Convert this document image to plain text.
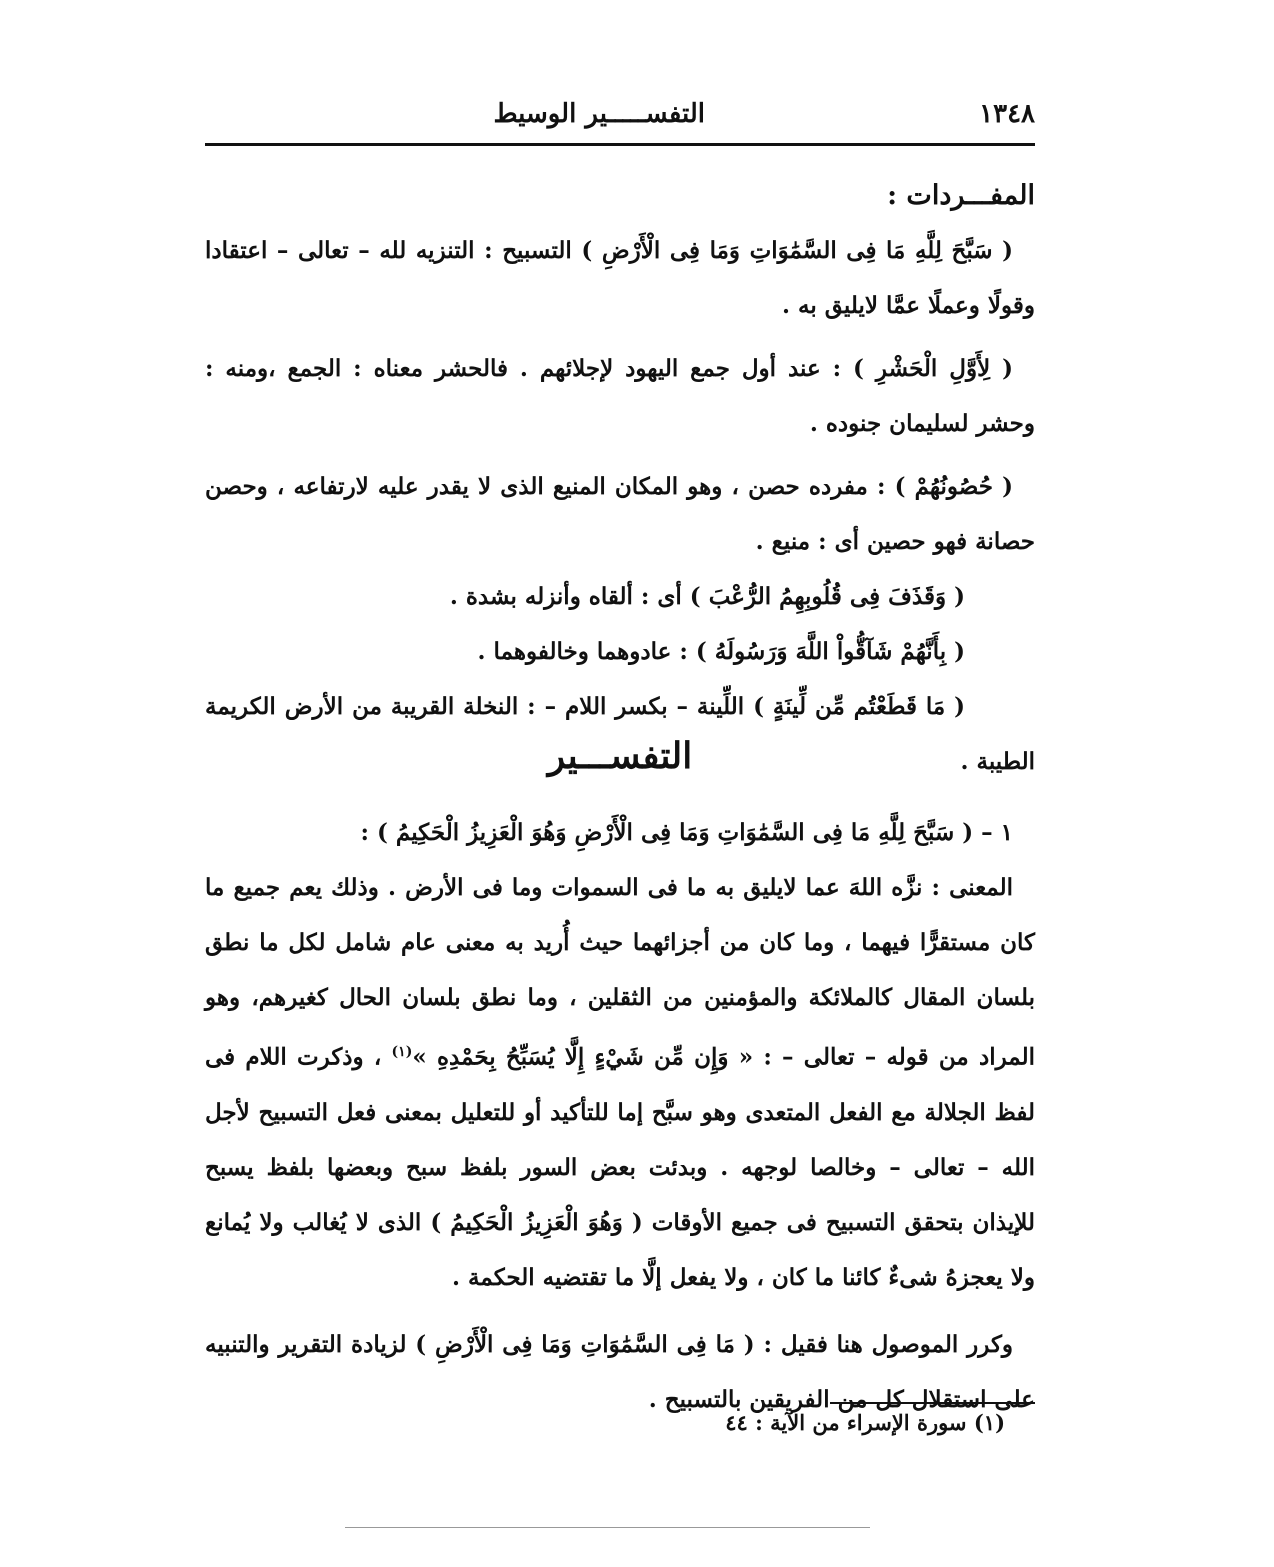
١٣٤٨
التفســـــير الوسيط

المفـــردات :

( سَبَّحَ لِلَّهِ مَا فِى السَّمَٰوَاتِ وَمَا فِى الْأَرْضِ ) التسبيح : التنزيه لله – تعالى – اعتقادا وقولًا وعملًا عمَّا لايليق به .

( لِأَوَّلِ الْحَشْرِ ) : عند أول جمع اليهود لإجلائهم . فالحشر معناه : الجمع ،ومنه : وحشر لسليمان جنوده .

( حُصُونُهُمْ ) : مفرده حصن ، وهو المكان المنيع الذى لا يقدر عليه لارتفاعه ، وحصن حصانة فهو حصين أى : منيع .

( وَقَذَفَ فِى قُلُوبِهِمُ الرُّعْبَ ) أى : ألقاه وأنزله بشدة .

( بِأَنَّهُمْ شَآقُّواْ اللَّهَ وَرَسُولَهُ ) : عادوهما وخالفوهما .

( مَا قَطَعْتُم مِّن لِّينَةٍ ) اللِّينة – بكسر اللام – : النخلة القريبة من الأرض الكريمة الطيبة .

التفســـير

١ – ( سَبَّحَ لِلَّهِ مَا فِى السَّمَٰوَاتِ وَمَا فِى الْأَرْضِ وَهُوَ الْعَزِيزُ الْحَكِيمُ ) :

المعنى : نزَّه اللهَ عما لايليق به ما فى السموات وما فى الأرض . وذلك يعم جميع ما كان مستقرًّا فيهما ، وما كان من أجزائهما حيث أُريد به معنى عام شامل لكل ما نطق بلسان المقال كالملائكة والمؤمنين من الثقلين ، وما نطق بلسان الحال كغيرهم، وهو المراد من قوله – تعالى – : « وَإِن مِّن شَيْءٍ إِلَّا يُسَبِّحُ بِحَمْدِهِ »$^{(١)}$ ، وذكرت اللام فى لفظ الجلالة مع الفعل المتعدى وهو سبَّح إما للتأكيد أو للتعليل بمعنى فعل التسبيح لأجل الله – تعالى – وخالصا لوجهه . وبدئت بعض السور بلفظ سبح وبعضها بلفظ يسبح للإيذان بتحقق التسبيح فى جميع الأوقات ( وَهُوَ الْعَزِيزُ الْحَكِيمُ ) الذى لا يُغالب ولا يُمانع ولا يعجزهُ شىءٌ كائنا ما كان ، ولا يفعل إلَّا ما تقتضيه الحكمة .

وكرر الموصول هنا فقيل : ( مَا فِى السَّمَٰوَاتِ وَمَا فِى الْأَرْضِ ) لزيادة التقرير والتنبيه على استقلال كل من الفريقين بالتسبيح .

(١) سورة الإسراء من الآية : ٤٤
